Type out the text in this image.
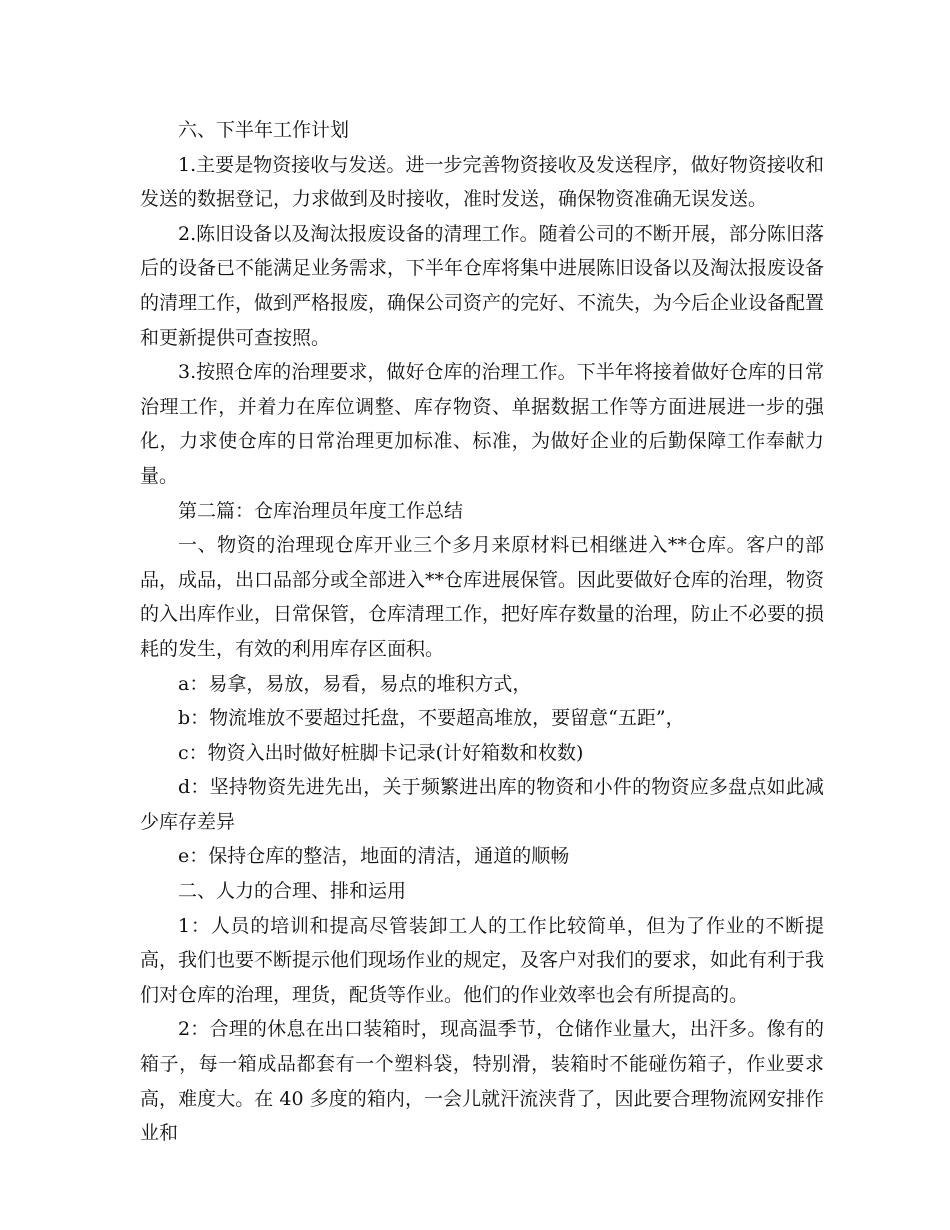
六、下半年工作计划

1.主要是物资接收与发送。进一步完善物资接收及发送程序，做好物资接收和发送的数据登记，力求做到及时接收，准时发送，确保物资准确无误发送。

2.陈旧设备以及淘汰报废设备的清理工作。随着公司的不断开展，部分陈旧落后的设备已不能满足业务需求，下半年仓库将集中进展陈旧设备以及淘汰报废设备的清理工作，做到严格报废，确保公司资产的完好、不流失，为今后企业设备配置和更新提供可查按照。

3.按照仓库的治理要求，做好仓库的治理工作。下半年将接着做好仓库的日常治理工作，并着力在库位调整、库存物资、单据数据工作等方面进展进一步的强化，力求使仓库的日常治理更加标准、标准，为做好企业的后勤保障工作奉献力量。

第二篇：仓库治理员年度工作总结

一、物资的治理现仓库开业三个多月来原材料已相继进入**仓库。客户的部品，成品，出口品部分或全部进入**仓库进展保管。因此要做好仓库的治理，物资的入出库作业，日常保管，仓库清理工作，把好库存数量的治理，防止不必要的损耗的发生，有效的利用库存区面积。

a：易拿，易放，易看，易点的堆积方式，

b：物流堆放不要超过托盘，不要超高堆放，要留意“五距”，

c：物资入出时做好桩脚卡记录(计好箱数和枚数)

d：坚持物资先进先出，关于频繁进出库的物资和小件的物资应多盘点如此减少库存差异

e：保持仓库的整洁，地面的清洁，通道的顺畅

二、人力的合理、排和运用

1：人员的培训和提高尽管装卸工人的工作比较简单，但为了作业的不断提高，我们也要不断提示他们现场作业的规定，及客户对我们的要求，如此有利于我们对仓库的治理，理货，配货等作业。他们的作业效率也会有所提高的。

2：合理的休息在出口装箱时，现高温季节，仓储作业量大，出汗多。像有的箱子，每一箱成品都套有一个塑料袋，特别滑，装箱时不能碰伤箱子，作业要求高，难度大。在 40 多度的箱内，一会儿就汗流浃背了，因此要合理物流网安排作业和
